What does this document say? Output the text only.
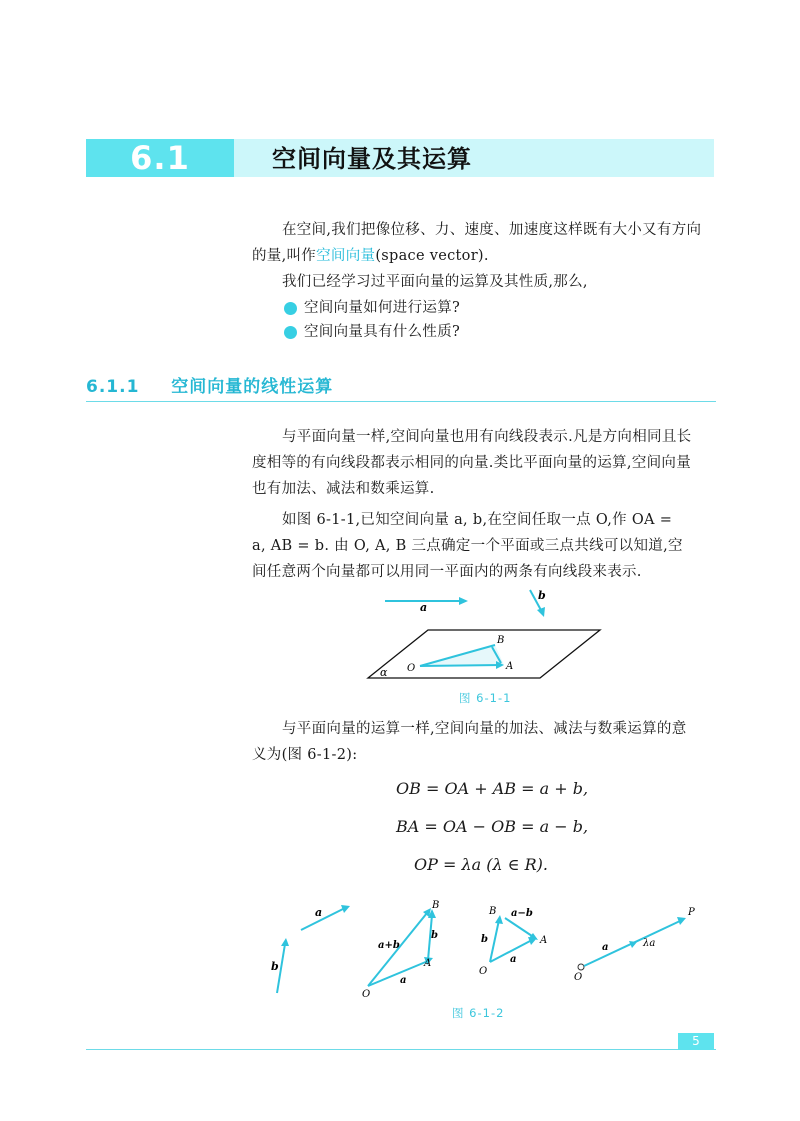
6.1	空间向量及其运算
在空间,我们把像位移、力、速度、加速度这样既有大小又有方向
的量,叫作空间向量(space vector).
我们已经学习过平面向量的运算及其性质,那么,
空间向量如何进行运算?
空间向量具有什么性质?
6.1.1 空间向量的线性运算
与平面向量一样,空间向量也用有向线段表示.凡是方向相同且长
度相等的有向线段都表示相同的向量.类比平面向量的运算,空间向量
也有加法、减法和数乘运算.
如图 6-1-1,已知空间向量 a, b,在空间任取一点 O,作 OA =
a, AB = b. 由 O, A, B 三点确定一个平面或三点共线可以知道,空
间任意两个向量都可以用同一平面内的两条有向线段来表示.
a
b
α
B
O	A
图 6-1-1
与平面向量的运算一样,空间向量的加法、减法与数乘运算的意
义为(图 6-1-2):
OB = OA + AB = a + b,
BA = OA − OB = a − b,
OP = λa (λ ∈ R).
a
b
O
A
B
a+b
b
a
O
A
B a−b
b
a
O
P
a	λa
图 6-1-2
5
